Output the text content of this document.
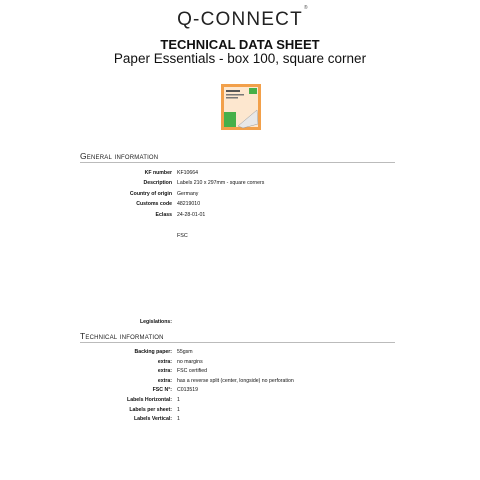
Q-CONNECT
®
TECHNICAL DATA SHEET
Paper Essentials - box 100, square corner
General information
KF number KF10664
Description Labels 210 x 297mm - square corners
Country of origin Germany
Customs code 48219010
Eclass 24-28-01-01
FSC
Legislations:
Technical information
Backing paper: 55gsm
extra: no margins
extra: FSC certified
extra: has a reverse split (center, longside) no perforation
FSC N°: C013519
Labels Horizontal: 1
Labels per sheet: 1
Labels Vertical: 1
